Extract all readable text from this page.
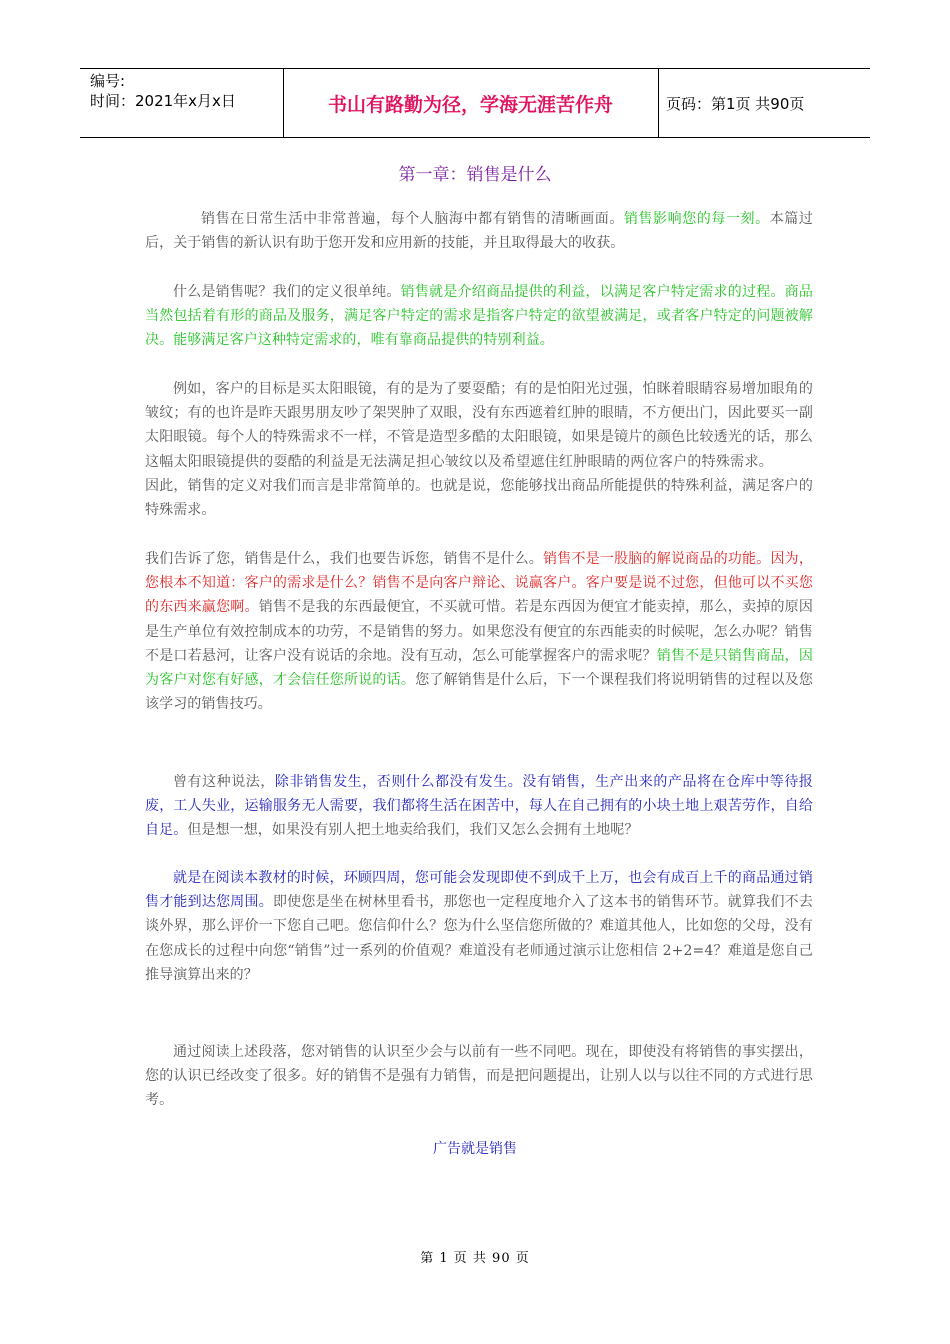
编号:
时间：2021年x月x日	书山有路勤为径，学海无涯苦作舟	页码：第1页 共90页
第一章：销售是什么
销售在日常生活中非常普遍，每个人脑海中都有销售的清晰画面。销售影响您的每一刻。本篇过后，关于销售的新认识有助于您开发和应用新的技能，并且取得最大的收获。
什么是销售呢？我们的定义很单纯。销售就是介绍商品提供的利益，以满足客户特定需求的过程。商品当然包括着有形的商品及服务，满足客户特定的需求是指客户特定的欲望被满足，或者客户特定的问题被解决。能够满足客户这种特定需求的，唯有靠商品提供的特别利益。
例如，客户的目标是买太阳眼镜，有的是为了要耍酷；有的是怕阳光过强，怕眯着眼睛容易增加眼角的皱纹；有的也许是昨天跟男朋友吵了架哭肿了双眼，没有东西遮着红肿的眼睛，不方便出门，因此要买一副太阳眼镜。每个人的特殊需求不一样，不管是造型多酷的太阳眼镜，如果是镜片的颜色比较透光的话，那么这幅太阳眼镜提供的耍酷的利益是无法满足担心皱纹以及希望遮住红肿眼睛的两位客户的特殊需求。因此，销售的定义对我们而言是非常简单的。也就是说，您能够找出商品所能提供的特殊利益，满足客户的特殊需求。
我们告诉了您，销售是什么，我们也要告诉您，销售不是什么。销售不是一股脑的解说商品的功能。因为，您根本不知道：客户的需求是什么？销售不是向客户辩论、说赢客户。客户要是说不过您，但他可以不买您的东西来赢您啊。销售不是我的东西最便宜，不买就可惜。若是东西因为便宜才能卖掉，那么，卖掉的原因是生产单位有效控制成本的功劳，不是销售的努力。如果您没有便宜的东西能卖的时候呢，怎么办呢？销售不是口若悬河，让客户没有说话的余地。没有互动，怎么可能掌握客户的需求呢？销售不是只销售商品，因为客户对您有好感，才会信任您所说的话。您了解销售是什么后，下一个课程我们将说明销售的过程以及您该学习的销售技巧。
曾有这种说法，除非销售发生，否则什么都没有发生。没有销售，生产出来的产品将在仓库中等待报废，工人失业，运输服务无人需要，我们都将生活在困苦中，每人在自己拥有的小块土地上艰苦劳作，自给自足。但是想一想，如果没有别人把土地卖给我们，我们又怎么会拥有土地呢？
就是在阅读本教材的时候，环顾四周，您可能会发现即使不到成千上万，也会有成百上千的商品通过销售才能到达您周围。即使您是坐在树林里看书，那您也一定程度地介入了这本书的销售环节。就算我们不去谈外界，那么评价一下您自己吧。您信仰什么？您为什么坚信您所做的？难道其他人，比如您的父母，没有在您成长的过程中向您“销售”过一系列的价值观？难道没有老师通过演示让您相信 2+2=4？难道是您自己推导演算出来的？
通过阅读上述段落，您对销售的认识至少会与以前有一些不同吧。现在，即使没有将销售的事实摆出，您的认识已经改变了很多。好的销售不是强有力销售，而是把问题提出，让别人以与以往不同的方式进行思考。
广告就是销售
第 1 页 共 90 页
